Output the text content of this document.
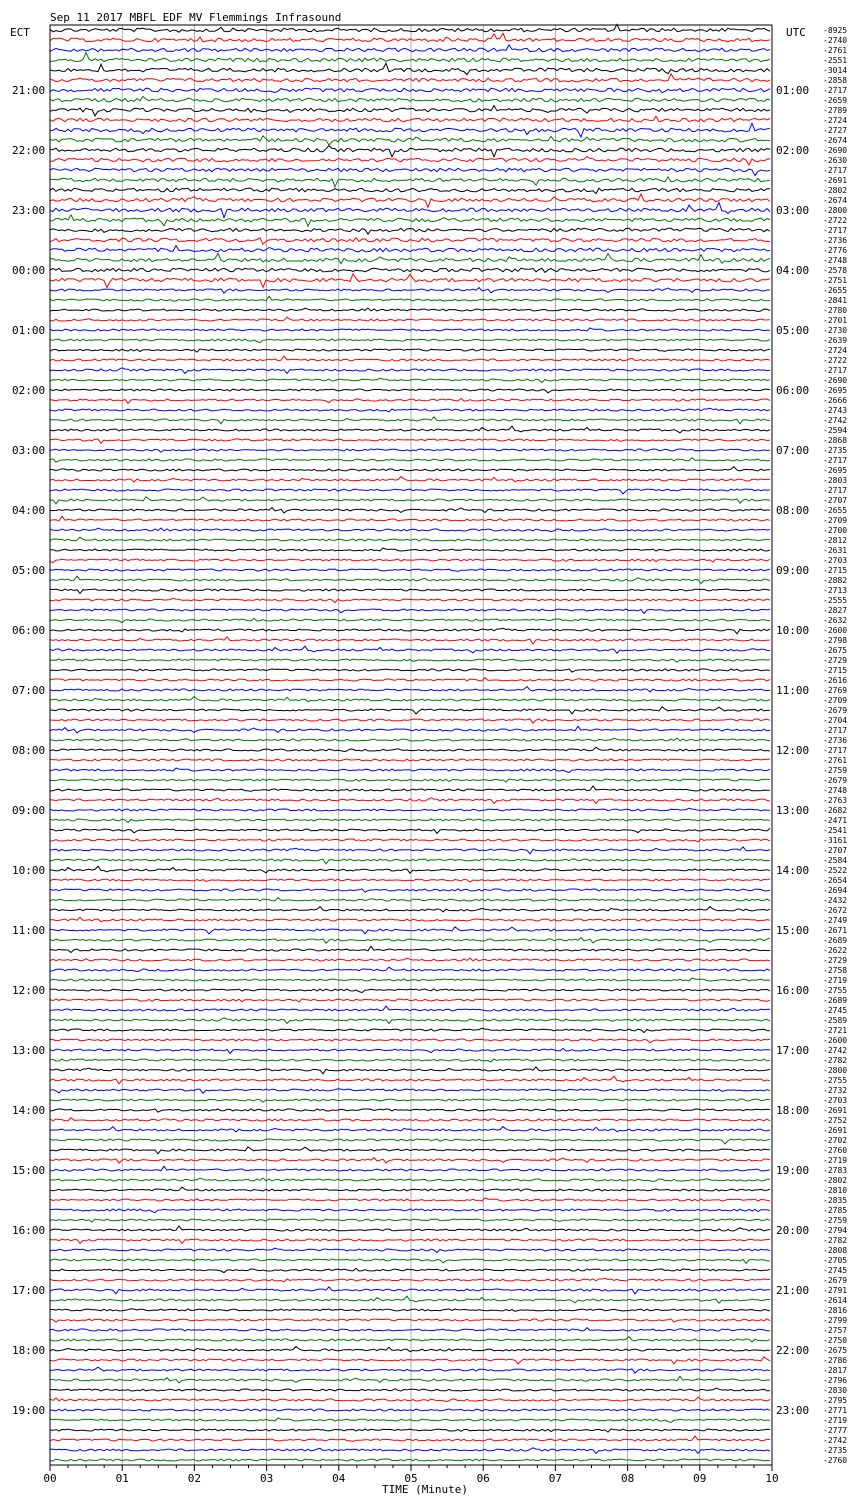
Sep 11 2017 MBFL EDF MV Flemmings Infrasound
ECT	UTC
21:00
22:00
23:00
00:00
01:00
02:00
03:00
04:00
05:00
06:00
07:00
08:00
09:00
10:00
11:00
12:00
13:00
14:00
15:00
16:00
17:00
18:00
19:00
01:00
02:00
03:00
04:00
05:00
06:00
07:00
08:00
09:00
10:00
11:00
12:00
13:00
14:00
15:00
16:00
17:00
18:00
19:00
20:00
21:00
22:00
23:00
-8925
-2740
-2761
-2551
-3014
-2858
-2717
-2659
-2789
-2724
-2727
-2674
-2690
-2630
-2717
-2691
-2802
-2674
-2800
-2722
-2717
-2736
-2776
-2748
-2578
-2751
-2655
-2841
-2780
-2701
-2730
-2639
-2724
-2722
-2717
-2690
-2695
-2666
-2743
-2742
-2594
-2868
-2735
-2717
-2695
-2803
-2717
-2707
-2655
-2709
-2700
-2812
-2631
-2703
-2715
-2882
-2713
-2555
-2827
-2632
-2600
-2798
-2675
-2729
-2715
-2616
-2769
-2709
-2679
-2704
-2717
-2736
-2717
-2761
-2759
-2679
-2748
-2763
-2682
-2471
-2541
-3161
-2707
-2584
-2522
-2654
-2694
-2432
-2672
-2749
-2671
-2689
-2622
-2729
-2758
-2719
-2755
-2689
-2745
-2589
-2721
-2600
-2742
-2782
-2800
-2755
-2732
-2703
-2691
-2752
-2691
-2702
-2760
-2719
-2783
-2802
-2810
-2835
-2785
-2759
-2794
-2782
-2808
-2705
-2745
-2679
-2791
-2614
-2816
-2799
-2757
-2750
-2675
-2786
-2817
-2796
-2830
-2795
-2771
-2719
-2777
-2742
-2735
-2760
00	01	02	03	04	05	06	07	08	09	10
TIME (Minute)
